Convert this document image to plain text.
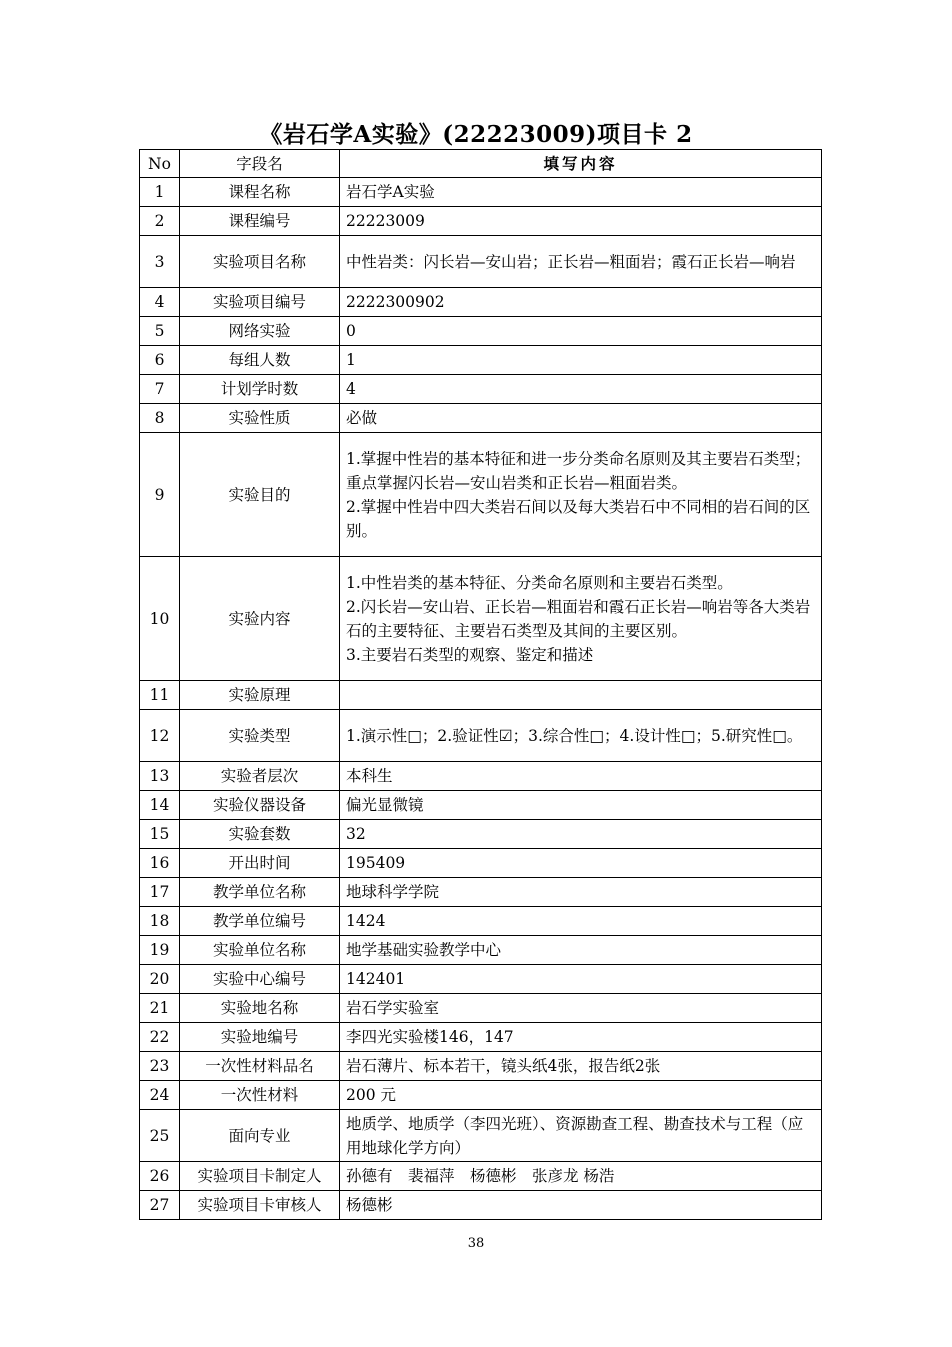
《岩石学A实验》(22223009)项目卡 2
No	字段名	填写内容
1	课程名称	岩石学A实验

2	课程编号	22223009

3	实验项目名称	中性岩类：闪长岩—安山岩；正长岩—粗面岩；霞石正长岩—响岩

4	实验项目编号	2222300902

5	网络实验	0

6	每组人数	1

7	计划学时数	4

8	实验性质	必做

9	实验目的	1.掌握中性岩的基本特征和进一步分类命名原则及其主要岩石类型；重点掌握闪长岩—安山岩类和正长岩—粗面岩类。
2.掌握中性岩中四大类岩石间以及每大类岩石中不同相的岩石间的区别。

10	实验内容	1.中性岩类的基本特征、分类命名原则和主要岩石类型。
2.闪长岩—安山岩、正长岩—粗面岩和霞石正长岩—响岩等各大类岩石的主要特征、主要岩石类型及其间的主要区别。
3.主要岩石类型的观察、鉴定和描述

11	实验原理	

12	实验类型	1.演示性□；2.验证性☑；3.综合性□；4.设计性□；5.研究性□。

13	实验者层次	本科生

14	实验仪器设备	偏光显微镜

15	实验套数	32

16	开出时间	195409

17	教学单位名称	地球科学学院

18	教学单位编号	1424

19	实验单位名称	地学基础实验教学中心

20	实验中心编号	142401

21	实验地名称	岩石学实验室

22	实验地编号	李四光实验楼146，147

23	一次性材料品名	岩石薄片、标本若干，镜头纸4张，报告纸2张

24	一次性材料	200 元

25	面向专业	地质学、地质学（李四光班）、资源勘查工程、勘查技术与工程（应用地球化学方向）

26	实验项目卡制定人	孙德有　裴福萍　杨德彬　张彦龙 杨浩

27	实验项目卡审核人	杨德彬
38
